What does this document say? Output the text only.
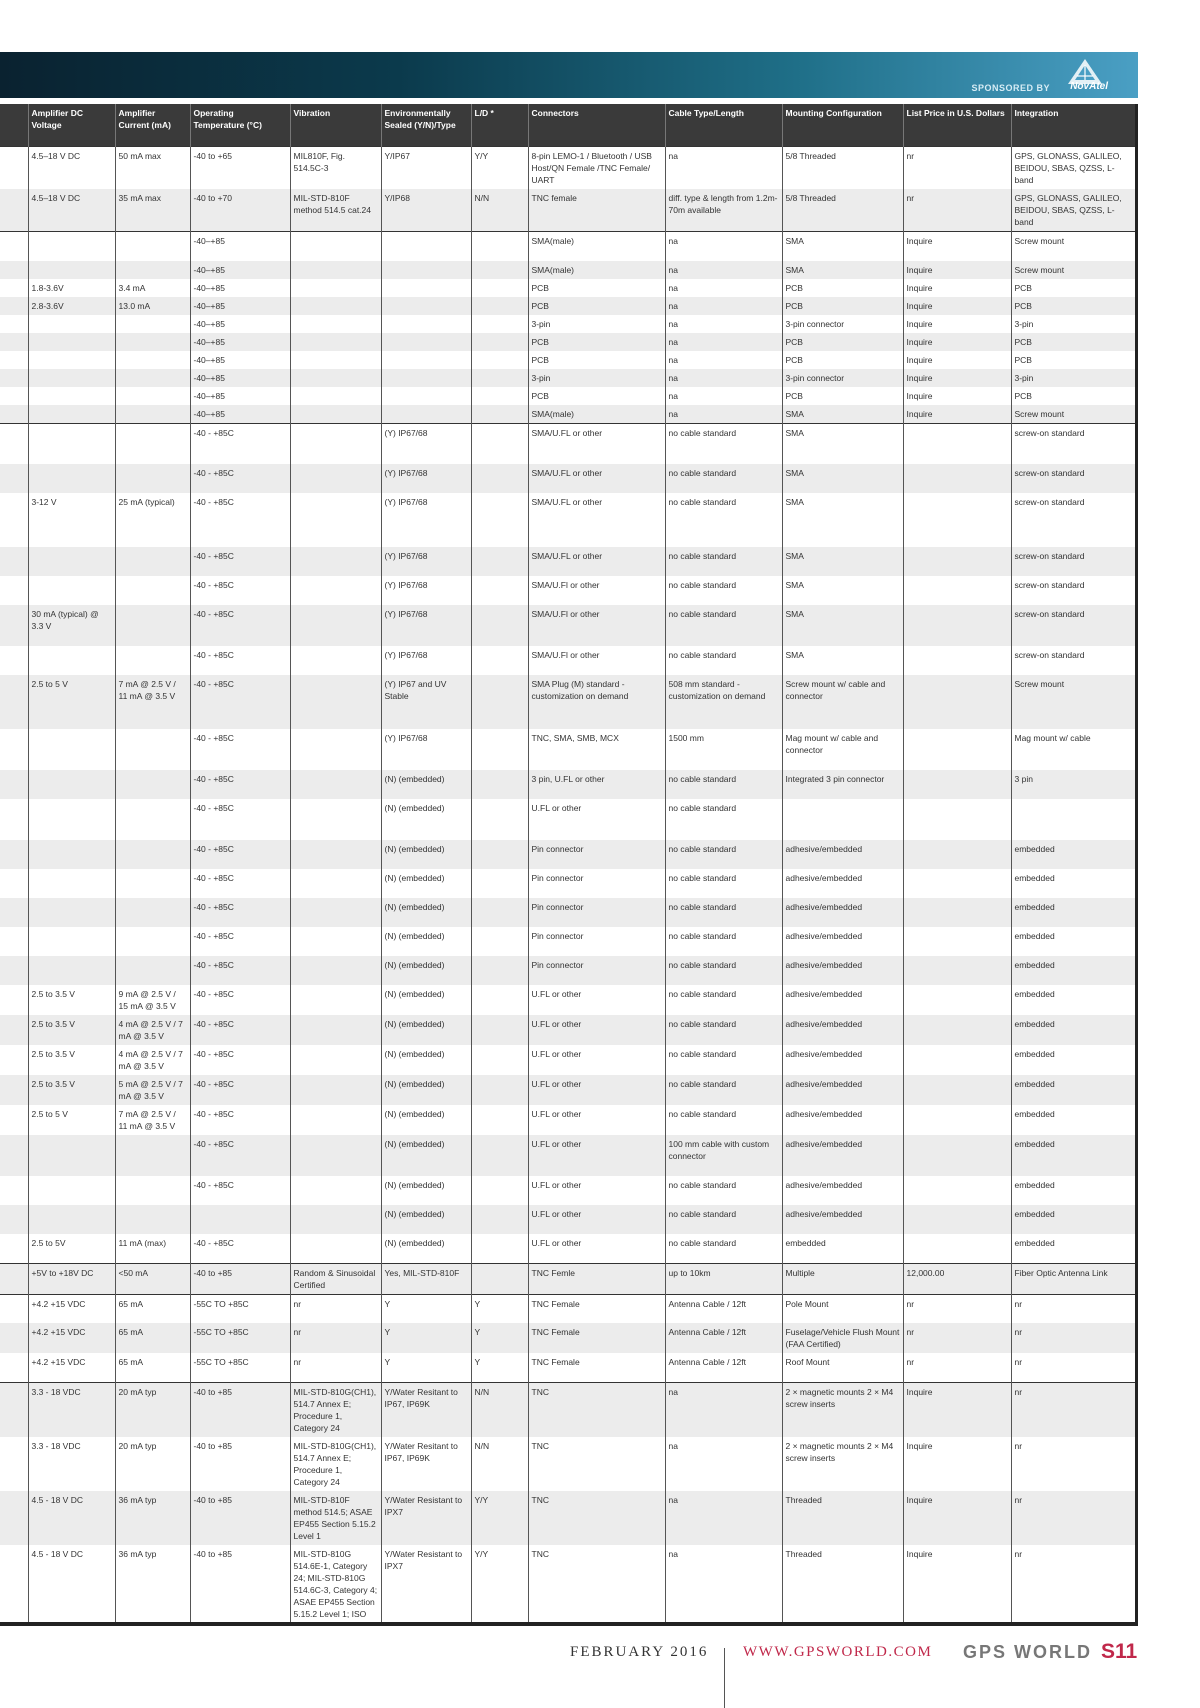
SPONSORED BY NovAtel
	Amplifier DC Voltage	Amplifier Current (mA)	Operating Temperature (°C)	Vibration	Environmentally Sealed (Y/N)/Type	L/D *	Connectors	Cable Type/Length	Mounting Configuration	List Price in U.S. Dollars	Integration
	4.5–18 V DC	50 mA max	-40 to +65	MIL810F, Fig. 514.5C-3	Y/IP67	Y/Y	8-pin LEMO-1 / Bluetooth / USB Host/QN Female /TNC Female/ UART	na	5/8 Threaded	nr	GPS, GLONASS, GALILEO, BEIDOU, SBAS, QZSS, L-band
	4.5–18 V DC	35 mA max	-40 to +70	MIL-STD-810F method 514.5 cat.24	Y/IP68	N/N	TNC female	diff. type & length from 1.2m-70m available	5/8 Threaded	nr	GPS, GLONASS, GALILEO, BEIDOU, SBAS, QZSS, L-band
			-40–+85				SMA(male)	na	SMA	Inquire	Screw mount
			-40–+85				SMA(male)	na	SMA	Inquire	Screw mount
	1.8-3.6V	3.4 mA	-40–+85				PCB	na	PCB	Inquire	PCB
	2.8-3.6V	13.0 mA	-40–+85				PCB	na	PCB	Inquire	PCB
			-40–+85				3-pin	na	3-pin connector	Inquire	3-pin
			-40–+85				PCB	na	PCB	Inquire	PCB
			-40–+85				PCB	na	PCB	Inquire	PCB
			-40–+85				3-pin	na	3-pin connector	Inquire	3-pin
			-40–+85				PCB	na	PCB	Inquire	PCB
			-40–+85				SMA(male)	na	SMA	Inquire	Screw mount
			-40 - +85C		(Y) IP67/68		SMA/U.FL or other	no cable standard	SMA		screw-on standard
			-40 - +85C		(Y) IP67/68		SMA/U.FL or other	no cable standard	SMA		screw-on standard
	3-12 V	25 mA (typical)	-40 - +85C		(Y) IP67/68		SMA/U.FL or other	no cable standard	SMA		screw-on standard
			-40 - +85C		(Y) IP67/68		SMA/U.FL or other	no cable standard	SMA		screw-on standard
			-40 - +85C		(Y) IP67/68		SMA/U.Fl or other	no cable standard	SMA		screw-on standard
	30 mA (typical) @ 3.3 V		-40 - +85C		(Y) IP67/68		SMA/U.Fl or other	no cable standard	SMA		screw-on standard
			-40 - +85C		(Y) IP67/68		SMA/U.Fl or other	no cable standard	SMA		screw-on standard
	2.5 to 5 V	7 mA @ 2.5 V / 11 mA @ 3.5 V	-40 - +85C		(Y) IP67 and UV Stable		SMA Plug (M) standard - customization on demand	508 mm standard - customization on demand	Screw mount w/ cable and connector		Screw mount
			-40 - +85C		(Y) IP67/68		TNC, SMA, SMB, MCX	1500 mm	Mag mount w/ cable and connector		Mag mount w/ cable
			-40 - +85C		(N) (embedded)		3 pin, U.FL or other	no cable standard	Integrated 3 pin connector		3 pin
			-40 - +85C		(N) (embedded)		U.FL or other	no cable standard			
			-40 - +85C		(N) (embedded)		Pin connector	no cable standard	adhesive/embedded		embedded
			-40 - +85C		(N) (embedded)		Pin connector	no cable standard	adhesive/embedded		embedded
			-40 - +85C		(N) (embedded)		Pin connector	no cable standard	adhesive/embedded		embedded
			-40 - +85C		(N) (embedded)		Pin connector	no cable standard	adhesive/embedded		embedded
			-40 - +85C		(N) (embedded)		Pin connector	no cable standard	adhesive/embedded		embedded
	2.5 to 3.5 V	9 mA @ 2.5 V / 15 mA @ 3.5 V	-40 - +85C		(N) (embedded)		U.FL or other	no cable standard	adhesive/embedded		embedded
	2.5 to 3.5 V	4 mA @ 2.5 V / 7 mA @ 3.5 V	-40 - +85C		(N) (embedded)		U.FL or other	no cable standard	adhesive/embedded		embedded
	2.5 to 3.5 V	4 mA @ 2.5 V / 7 mA @ 3.5 V	-40 - +85C		(N) (embedded)		U.FL or other	no cable standard	adhesive/embedded		embedded
	2.5 to 3.5 V	5 mA @ 2.5 V / 7 mA @ 3.5 V	-40 - +85C		(N) (embedded)		U.FL or other	no cable standard	adhesive/embedded		embedded
	2.5 to 5 V	7 mA @ 2.5 V / 11 mA @ 3.5 V	-40 - +85C		(N) (embedded)		U.FL or other	no cable standard	adhesive/embedded		embedded
			-40 - +85C		(N) (embedded)		U.FL or other	100 mm cable with custom connector	adhesive/embedded		embedded
			-40 - +85C		(N) (embedded)		U.FL or other	no cable standard	adhesive/embedded		embedded
					(N) (embedded)		U.FL or other	no cable standard	adhesive/embedded		embedded
	2.5 to 5V	11 mA (max)	-40 - +85C		(N) (embedded)		U.FL or other	no cable standard	embedded		embedded
	+5V to +18V DC	<50 mA	-40 to +85	Random & Sinusoidal Certified	Yes, MIL-STD-810F		TNC Femle	up to 10km	Multiple	12,000.00	Fiber Optic Antenna Link
	+4.2 +15 VDC	65 mA	-55C TO +85C	nr	Y	Y	TNC Female	Antenna Cable / 12ft	Pole Mount	nr	nr
	+4.2 +15 VDC	65 mA	-55C TO +85C	nr	Y	Y	TNC Female	Antenna Cable / 12ft	Fuselage/Vehicle Flush Mount (FAA Certified)	nr	nr
	+4.2 +15 VDC	65 mA	-55C TO +85C	nr	Y	Y	TNC Female	Antenna Cable / 12ft	Roof Mount	nr	nr
	3.3 - 18 VDC	20 mA typ	-40 to +85	MIL-STD-810G(CH1), 514.7 Annex E; Procedure 1, Category 24	Y/Water Resitant to IP67, IP69K	N/N	TNC	na	2 × magnetic mounts 2 × M4 screw inserts	Inquire	nr
	3.3 - 18 VDC	20 mA typ	-40 to +85	MIL-STD-810G(CH1), 514.7 Annex E; Procedure 1, Category 24	Y/Water Resitant to IP67, IP69K	N/N	TNC	na	2 × magnetic mounts 2 × M4 screw inserts	Inquire	nr
	4.5 - 18 V DC	36 mA typ	-40 to +85	MIL-STD-810F method 514.5; ASAE EP455 Section 5.15.2 Level 1	Y/Water Resistant to IPX7	Y/Y	TNC	na	Threaded	Inquire	nr
	4.5 - 18 V DC	36 mA typ	-40 to +85	MIL-STD-810G 514.6E-1, Category 24; MIL-STD-810G 514.6C-3, Category 4; ASAE EP455 Section 5.15.2 Level 1; ISO 9022-3 Method 36	Y/Water Resistant to IPX7	Y/Y	TNC	na	Threaded	Inquire	nr
FEBRUARY 2016 WWW.GPSWORLD.COM GPS WORLD S11
